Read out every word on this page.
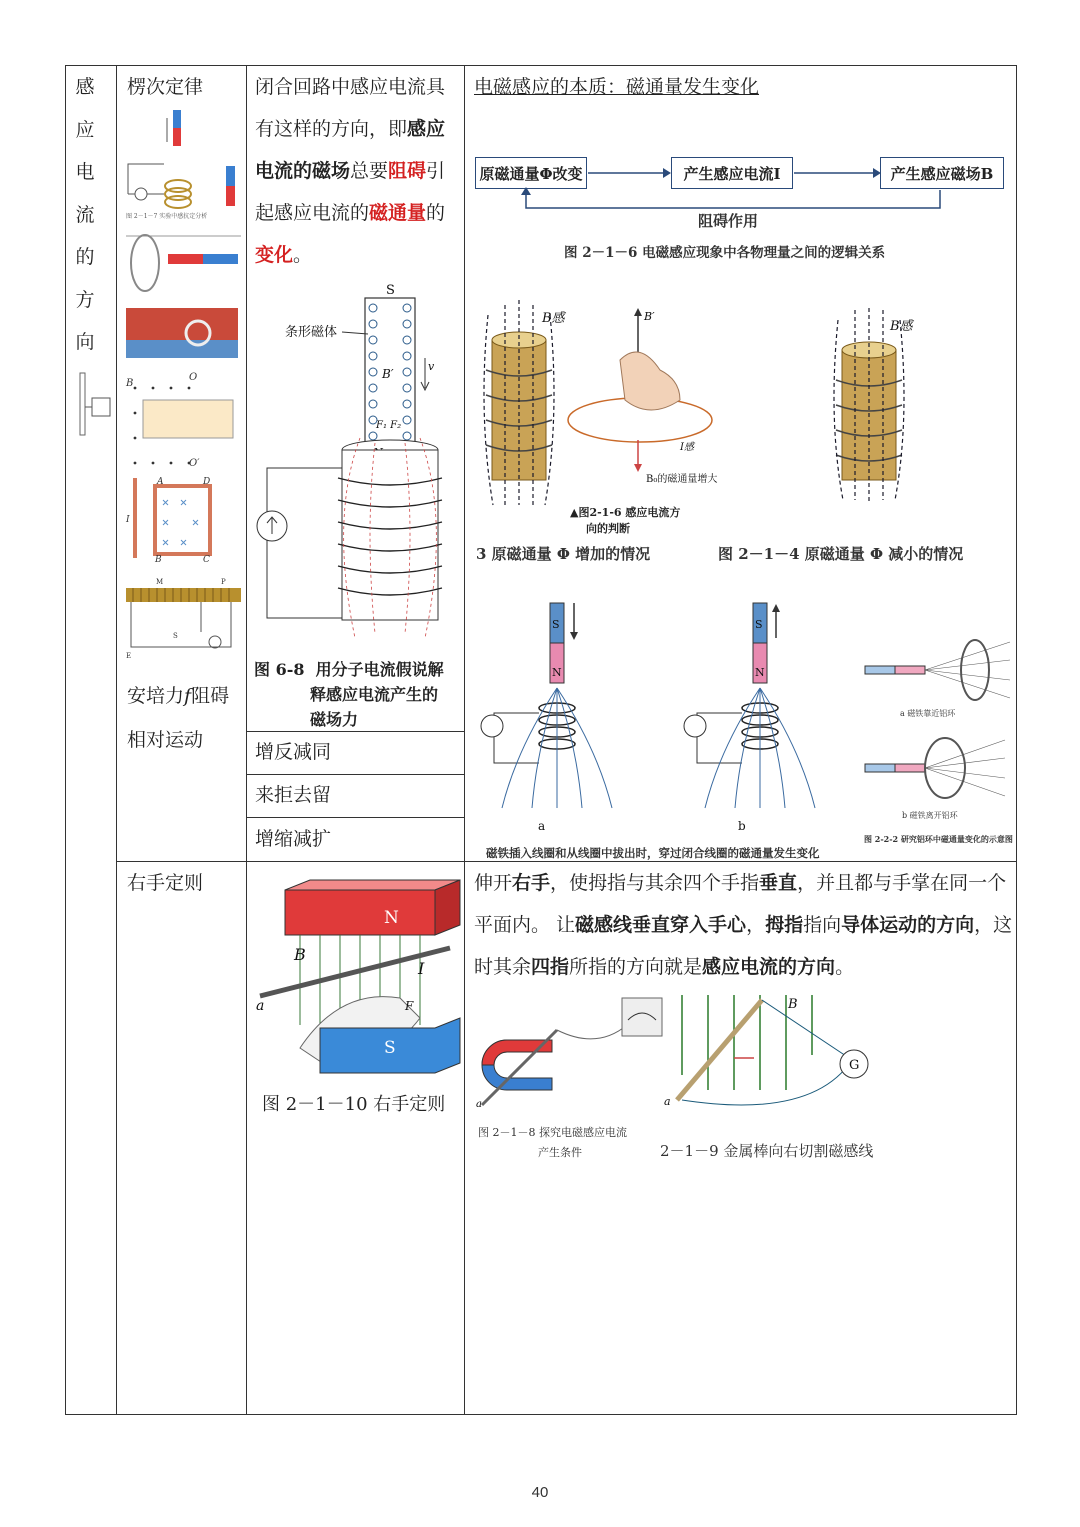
感
应
电
流
的
方
向
楞次定律
图 2－1－7 实验中感抗定分析
B
O
O′
A	D
I
B	C
M	P
E
S
安培力f阻碍
相对运动
闭合回路中感应电流具
有这样的方向，即感应
电流的磁场总要阻碍引
起感应电流的磁通量的
变化。
S
条形磁体
B′
v
F₁ F₂
图 6-8 用分子电流假说解
释感应电流产生的
磁场力
增反减同
来拒去留
增缩减扩
电磁感应的本质：磁通量发生变化
原磁通量Φ改变	产生感应电流I	产生感应磁场B
阻碍作用
图 2－1－6 电磁感应现象中各物理量之间的逻辑关系
B感	B′
I感
B₀的磁通量增大
▲图2-1-6 感应电流方
向的判断
B感
3 原磁通量 Φ 增加的情况	图 2－1－4 原磁通量 Φ 减小的情况
S
N
a
S
N
b
a 磁铁靠近铝环
b 磁铁离开铝环
磁铁插入线圈和从线圈中拔出时，穿过闭合线圈的磁通量发生变化
图 2-2-2 研究铝环中磁通量变化的示意图
右手定则
N
B
a
I
F
S
图 2－1－10 右手定则
伸开右手，使拇指与其余四个手指垂直，并且都与手掌在同一个
平面内。 让磁感线垂直穿入手心，拇指指向导体运动的方向，这
时其余四指所指的方向就是感应电流的方向。
a
B
a
G
图 2－1－8 探究电磁感应电流
产生条件	2－1－9 金属棒向右切割磁感线
40
